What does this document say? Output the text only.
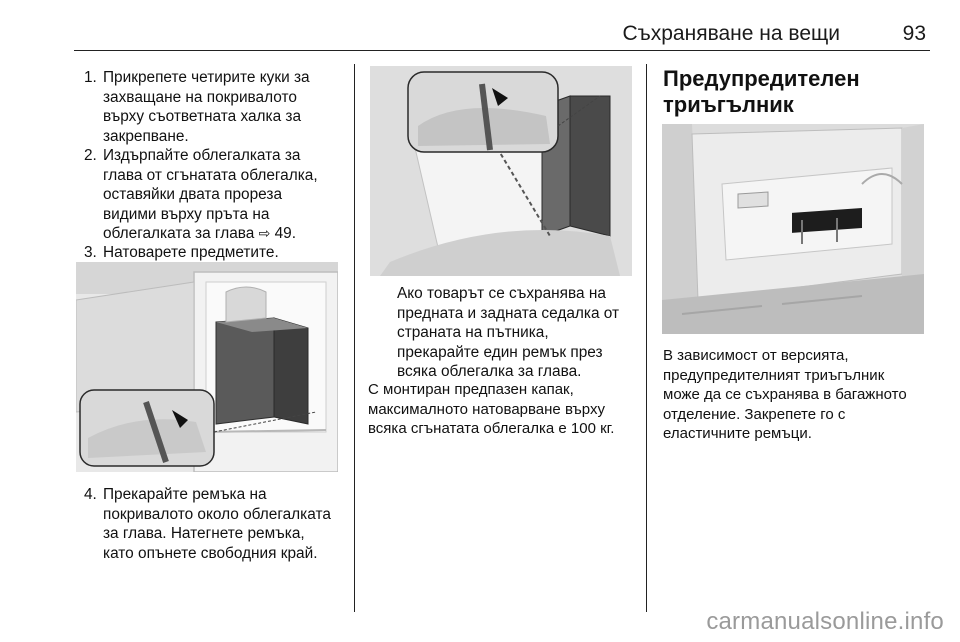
Съхраняване на вещи	93
1. Прикрепете четирите куки за
захващане на покривалото
върху съответната халка за
закрепване.
2. Издърпайте облегалката за
глава от сгънатата облегалка,
оставяйки двата прореза
видими върху пръта на
облегалката за глава ⇨ 49.
3. Натоварете предметите.
4. Прекарайте ремъка на
покривалото около облегалката
за глава. Натегнете ремъка,
като опънете свободния край.
Ако товарът се съхранява на
предната и задната седалка от
страната на пътника,
прекарайте един ремък през
всяка облегалка за глава.
С монтиран предпазен капак,
максималното натоварване върху
всяка сгънатата облегалка е 100 кг.
Предупредителен
триъгълник
В зависимост от версията,
предупредителният триъгълник
може да се съхранява в багажното
отделение. Закрепете го с
еластичните ремъци.
carmanualsonline.info
